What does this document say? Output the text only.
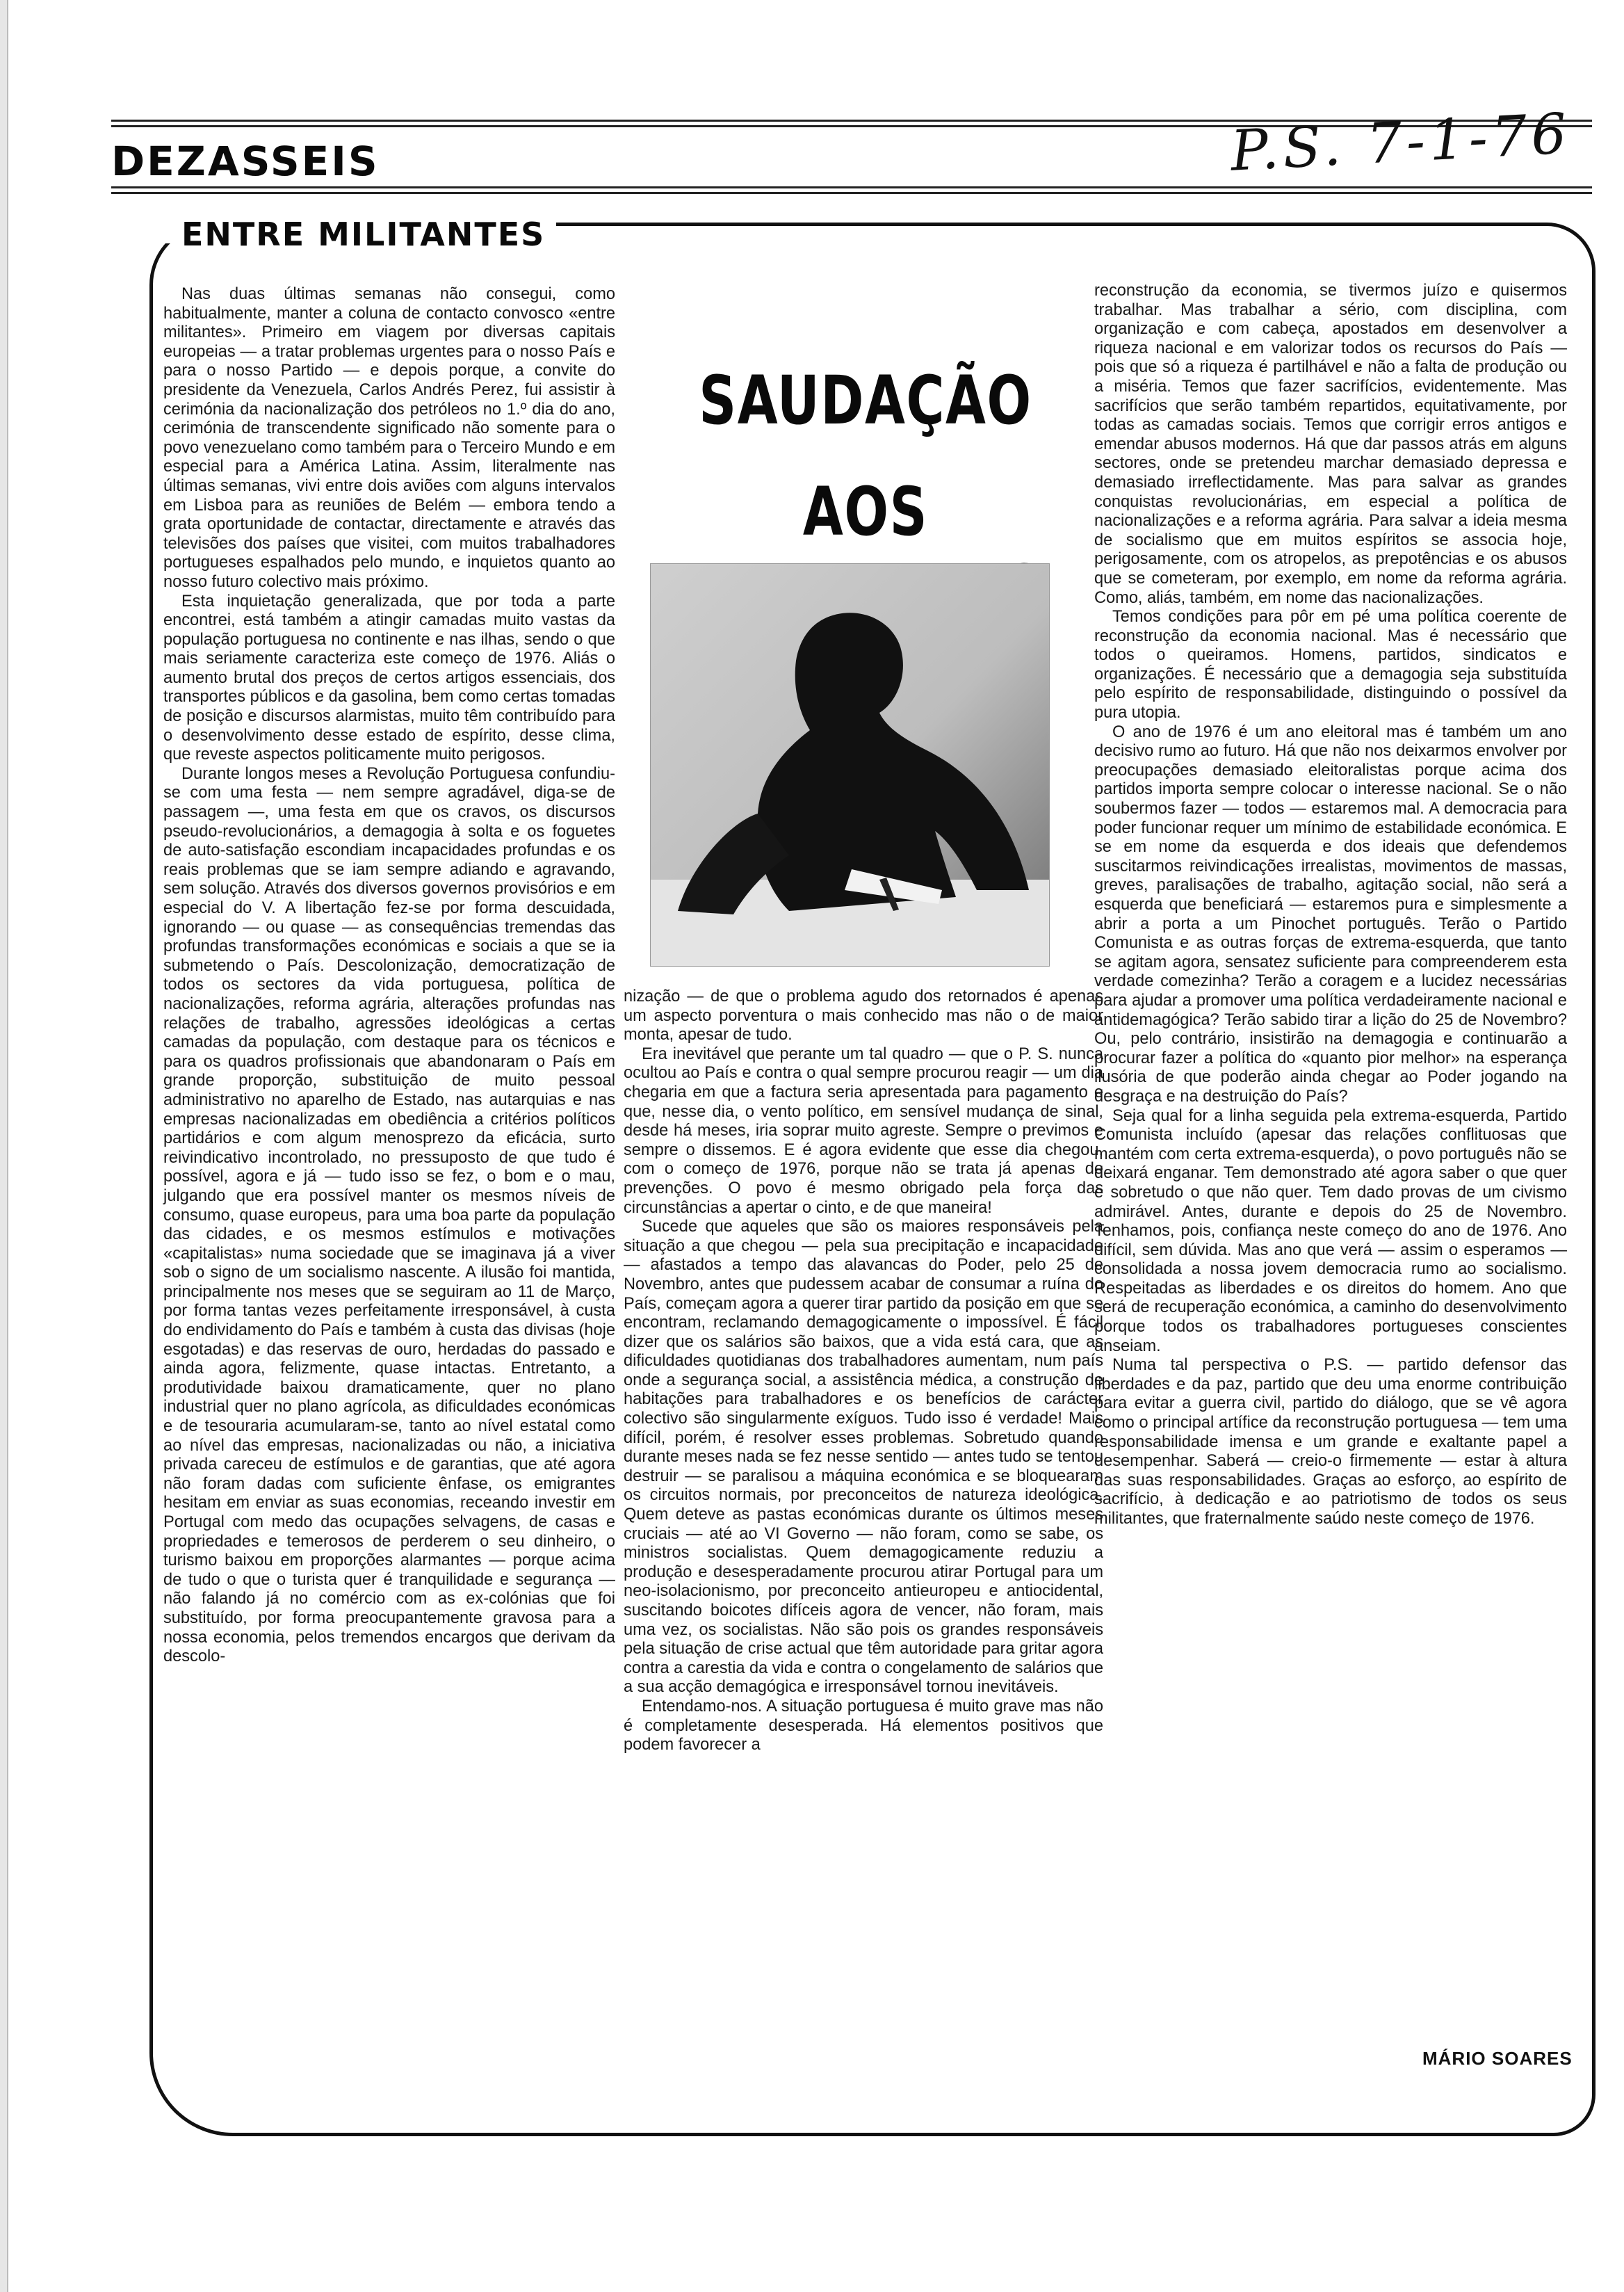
DEZASSEIS	P.S. 7-1-76
ENTRE MILITANTES

Nas duas últimas semanas não consegui, como habitualmente, manter a coluna de contacto convosco «entre militantes». Primeiro em viagem por diversas capitais europeias — a tratar problemas urgentes para o nosso País e para o nosso Partido — e depois porque, a convite do presidente da Venezuela, Carlos Andrés Perez, fui assistir à cerimónia da nacionalização dos petróleos no 1.º dia do ano, cerimónia de transcendente significado não somente para o povo venezuelano como também para o Terceiro Mundo e em especial para a América Latina. Assim, literalmente nas últimas semanas, vivi entre dois aviões com alguns intervalos em Lisboa para as reuniões de Belém — embora tendo a grata oportunidade de contactar, directamente e através das televisões dos países que visitei, com muitos trabalhadores portugueses espalhados pelo mundo, e inquietos quanto ao nosso futuro colectivo mais próximo.

Esta inquietação generalizada, que por toda a parte encontrei, está também a atingir camadas muito vastas da população portuguesa no continente e nas ilhas, sendo o que mais seriamente caracteriza este começo de 1976. Aliás o aumento brutal dos preços de certos artigos essenciais, dos transportes públicos e da gasolina, bem como certas tomadas de posição e discursos alarmistas, muito têm contribuído para o desenvolvimento desse estado de espírito, desse clima, que reveste aspectos politicamente muito perigosos.

Durante longos meses a Revolução Portuguesa confundiu-se com uma festa — nem sempre agradável, diga-se de passagem —, uma festa em que os cravos, os discursos pseudo-revolucionários, a demagogia à solta e os foguetes de auto-satisfação escondiam incapacidades profundas e os reais problemas que se iam sempre adiando e agravando, sem solução. Através dos diversos governos provisórios e em especial do V. A libertação fez-se por forma descuidada, ignorando — ou quase — as consequências tremendas das profundas transformações económicas e sociais a que se ia submetendo o País. Descolonização, democratização de todos os sectores da vida portuguesa, política de nacionalizações, reforma agrária, alterações profundas nas relações de trabalho, agressões ideológicas a certas camadas da população, com destaque para os técnicos e para os quadros profissionais que abandonaram o País em grande proporção, substituição de muito pessoal administrativo no aparelho de Estado, nas autarquias e nas empresas nacionalizadas em obediência a critérios políticos partidários e com algum menosprezo da eficácia, surto reivindicativo incontrolado, no pressuposto de que tudo é possível, agora e já — tudo isso se fez, o bom e o mau, julgando que era possível manter os mesmos níveis de consumo, quase europeus, para uma boa parte da população das cidades, e os mesmos estímulos e motivações «capitalistas» numa sociedade que se imaginava já a viver sob o signo de um socialismo nascente. A ilusão foi mantida, principalmente nos meses que se seguiram ao 11 de Março, por forma tantas vezes perfeitamente irresponsável, à custa do endividamento do País e também à custa das divisas (hoje esgotadas) e das reservas de ouro, herdadas do passado e ainda agora, felizmente, quase intactas. Entretanto, a produtividade baixou dramaticamente, quer no plano industrial quer no plano agrícola, as dificuldades económicas e de tesouraria acumularam-se, tanto ao nível estatal como ao nível das empresas, nacionalizadas ou não, a iniciativa privada careceu de estímulos e de garantias, que até agora não foram dadas com suficiente ênfase, os emigrantes hesitam em enviar as suas economias, receando investir em Portugal com medo das ocupações selvagens, de casas e propriedades e temerosos de perderem o seu dinheiro, o turismo baixou em proporções alarmantes — porque acima de tudo o que o turista quer é tranquilidade e segurança — não falando já no comércio com as ex-colónias que foi substituído, por forma preocupantemente gravosa para a nossa economia, pelos tremendos encargos que derivam da descolo-

SAUDAÇÃO
AOS

nização — de que o problema agudo dos retornados é apenas um aspecto porventura o mais conhecido mas não o de maior monta, apesar de tudo.

Era inevitável que perante um tal quadro — que o P. S. nunca ocultou ao País e contra o qual sempre procurou reagir — um dia chegaria em que a factura seria apresentada para pagamento e que, nesse dia, o vento político, em sensível mudança de sinal, desde há meses, iria soprar muito agreste. Sempre o previmos e sempre o dissemos. E é agora evidente que esse dia chegou, com o começo de 1976, porque não se trata já apenas de prevenções. O povo é mesmo obrigado pela força das circunstâncias a apertar o cinto, e de que maneira!

Sucede que aqueles que são os maiores responsáveis pela situação a que chegou — pela sua precipitação e incapacidade — afastados a tempo das alavancas do Poder, pelo 25 de Novembro, antes que pudessem acabar de consumar a ruína do País, começam agora a querer tirar partido da posição em que se encontram, reclamando demagogicamente o impossível. É fácil dizer que os salários são baixos, que a vida está cara, que as dificuldades quotidianas dos trabalhadores aumentam, num país onde a segurança social, a assistência médica, a construção de habitações para trabalhadores e os benefícios de carácter colectivo são singularmente exíguos. Tudo isso é verdade! Mais difícil, porém, é resolver esses problemas. Sobretudo quando durante meses nada se fez nesse sentido — antes tudo se tentou destruir — se paralisou a máquina económica e se bloquearam os circuitos normais, por preconceitos de natureza ideológica. Quem deteve as pastas económicas durante os últimos meses cruciais — até ao VI Governo — não foram, como se sabe, os ministros socialistas. Quem demagogicamente reduziu a produção e desesperadamente procurou atirar Portugal para um neo-isolacionismo, por preconceito antieuropeu e antiocidental, suscitando boicotes difíceis agora de vencer, não foram, mais uma vez, os socialistas. Não são pois os grandes responsáveis pela situação de crise actual que têm autoridade para gritar agora contra a carestia da vida e contra o congelamento de salários que a sua acção demagógica e irresponsável tornou inevitáveis.

Entendamo-nos. A situação portuguesa é muito grave mas não é completamente desesperada. Há elementos positivos que podem favorecer a

reconstrução da economia, se tivermos juízo e quisermos trabalhar. Mas trabalhar a sério, com disciplina, com organização e com cabeça, apostados em desenvolver a riqueza nacional e em valorizar todos os recursos do País — pois que só a riqueza é partilhável e não a falta de produção ou a miséria. Temos que fazer sacrifícios, evidentemente. Mas sacrifícios que serão também repartidos, equitativamente, por todas as camadas sociais. Temos que corrigir erros antigos e emendar abusos modernos. Há que dar passos atrás em alguns sectores, onde se pretendeu marchar demasiado depressa e demasiado irreflectidamente. Mas para salvar as grandes conquistas revolucionárias, em especial a política de nacionalizações e a reforma agrária. Para salvar a ideia mesma de socialismo que em muitos espíritos se associa hoje, perigosamente, com os atropelos, as prepotências e os abusos que se cometeram, por exemplo, em nome da reforma agrária. Como, aliás, também, em nome das nacionalizações.

Temos condições para pôr em pé uma política coerente de reconstrução da economia nacional. Mas é necessário que todos o queiramos. Homens, partidos, sindicatos e organizações. É necessário que a demagogia seja substituída pelo espírito de responsabilidade, distinguindo o possível da pura utopia.

O ano de 1976 é um ano eleitoral mas é também um ano decisivo rumo ao futuro. Há que não nos deixarmos envolver por preocupações demasiado eleitoralistas porque acima dos partidos importa sempre colocar o interesse nacional. Se o não soubermos fazer — todos — estaremos mal. A democracia para poder funcionar requer um mínimo de estabilidade económica. E se em nome da esquerda e dos ideais que defendemos suscitarmos reivindicações irrealistas, movimentos de massas, greves, paralisações de trabalho, agitação social, não será a esquerda que beneficiará — estaremos pura e simplesmente a abrir a porta a um Pinochet português. Terão o Partido Comunista e as outras forças de extrema-esquerda, que tanto se agitam agora, sensatez suficiente para compreenderem esta verdade comezinha? Terão a coragem e a lucidez necessárias para ajudar a promover uma política verdadeiramente nacional e antidemagógica? Terão sabido tirar a lição do 25 de Novembro? Ou, pelo contrário, insistirão na demagogia e continuarão a procurar fazer a política do «quanto pior melhor» na esperança ilusória de que poderão ainda chegar ao Poder jogando na desgraça e na destruição do País?

Seja qual for a linha seguida pela extrema-esquerda, Partido Comunista incluído (apesar das relações conflituosas que mantém com certa extrema-esquerda), o povo português não se deixará enganar. Tem demonstrado até agora saber o que quer e sobretudo o que não quer. Tem dado provas de um civismo admirável. Antes, durante e depois do 25 de Novembro. Tenhamos, pois, confiança neste começo do ano de 1976. Ano difícil, sem dúvida. Mas ano que verá — assim o esperamos — consolidada a nossa jovem democracia rumo ao socialismo. Respeitadas as liberdades e os direitos do homem. Ano que será de recuperação económica, a caminho do desenvolvimento porque todos os trabalhadores portugueses conscientes anseiam.

Numa tal perspectiva o P.S. — partido defensor das liberdades e da paz, partido que deu uma enorme contribuição para evitar a guerra civil, partido do diálogo, que se vê agora como o principal artífice da reconstrução portuguesa — tem uma responsabilidade imensa e um grande e exaltante papel a desempenhar. Saberá — creio-o firmemente — estar à altura das suas responsabilidades. Graças ao esforço, ao espírito de sacrifício, à dedicação e ao patriotismo de todos os seus militantes, que fraternalmente saúdo neste começo de 1976.

MÁRIO SOARES
